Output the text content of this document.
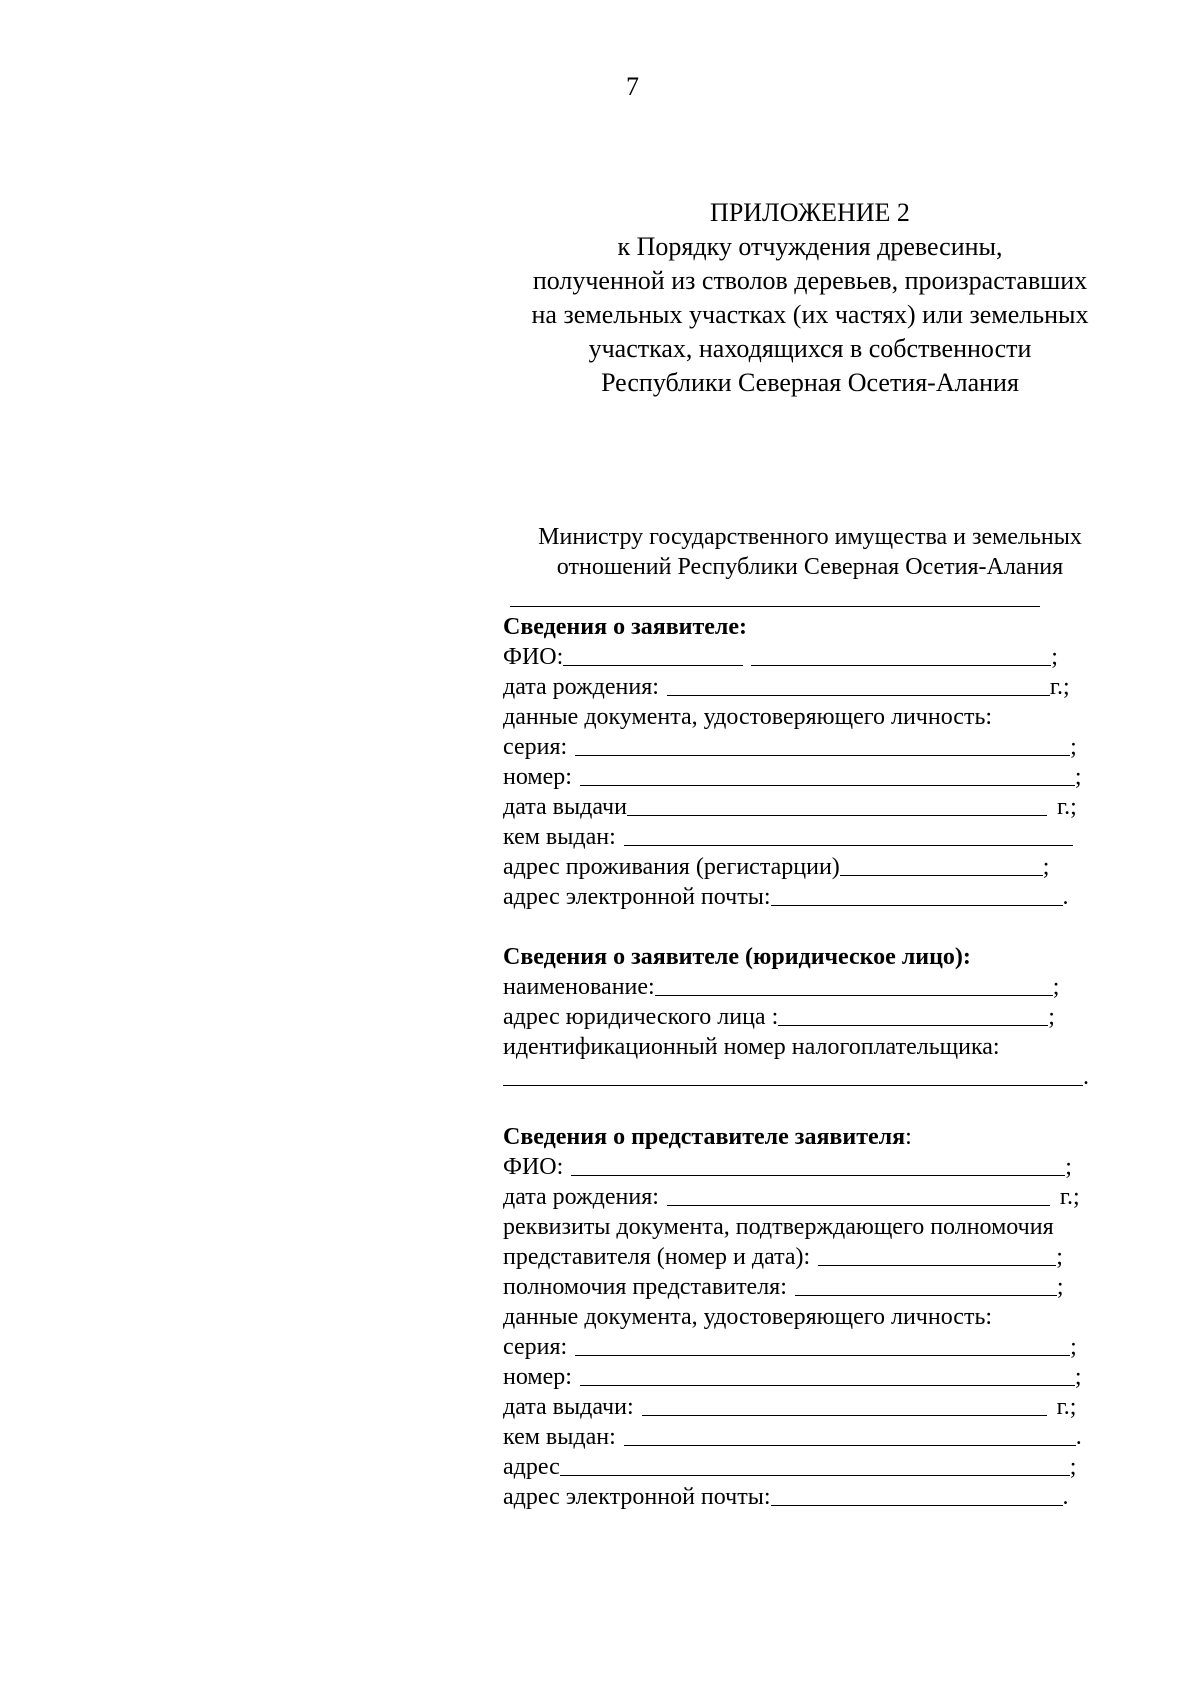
7
ПРИЛОЖЕНИЕ 2
к Порядку отчуждения древесины,
полученной из стволов деревьев, произраставших
на земельных участках (их частях) или земельных
участках, находящихся в собственности
Республики Северная Осетия-Алания
Министру государственного имущества и земельных
отношений Республики Северная Осетия-Алания
Сведения о заявителе:
ФИО:	;
дата рождения:	г.;
данные документа, удостоверяющего личность:
серия:	;
номер:	;
дата выдачи	г.;
кем выдан:
адрес проживания (регистарции)	;
адрес электронной почты:	.
Сведения о заявителе (юридическое лицо):
наименование:	;
адрес юридического лица :	;
идентификационный номер налогоплательщика:
.
Сведения о представителе заявителя :
ФИО:	;
дата рождения:	г.;
реквизиты документа, подтверждающего полномочия
представителя (номер и дата):	;
полномочия представителя:	;
данные документа, удостоверяющего личность:
серия:	;
номер:	;
дата выдачи:	г.;
кем выдан:	.
адрес	;
адрес электронной почты:	.
